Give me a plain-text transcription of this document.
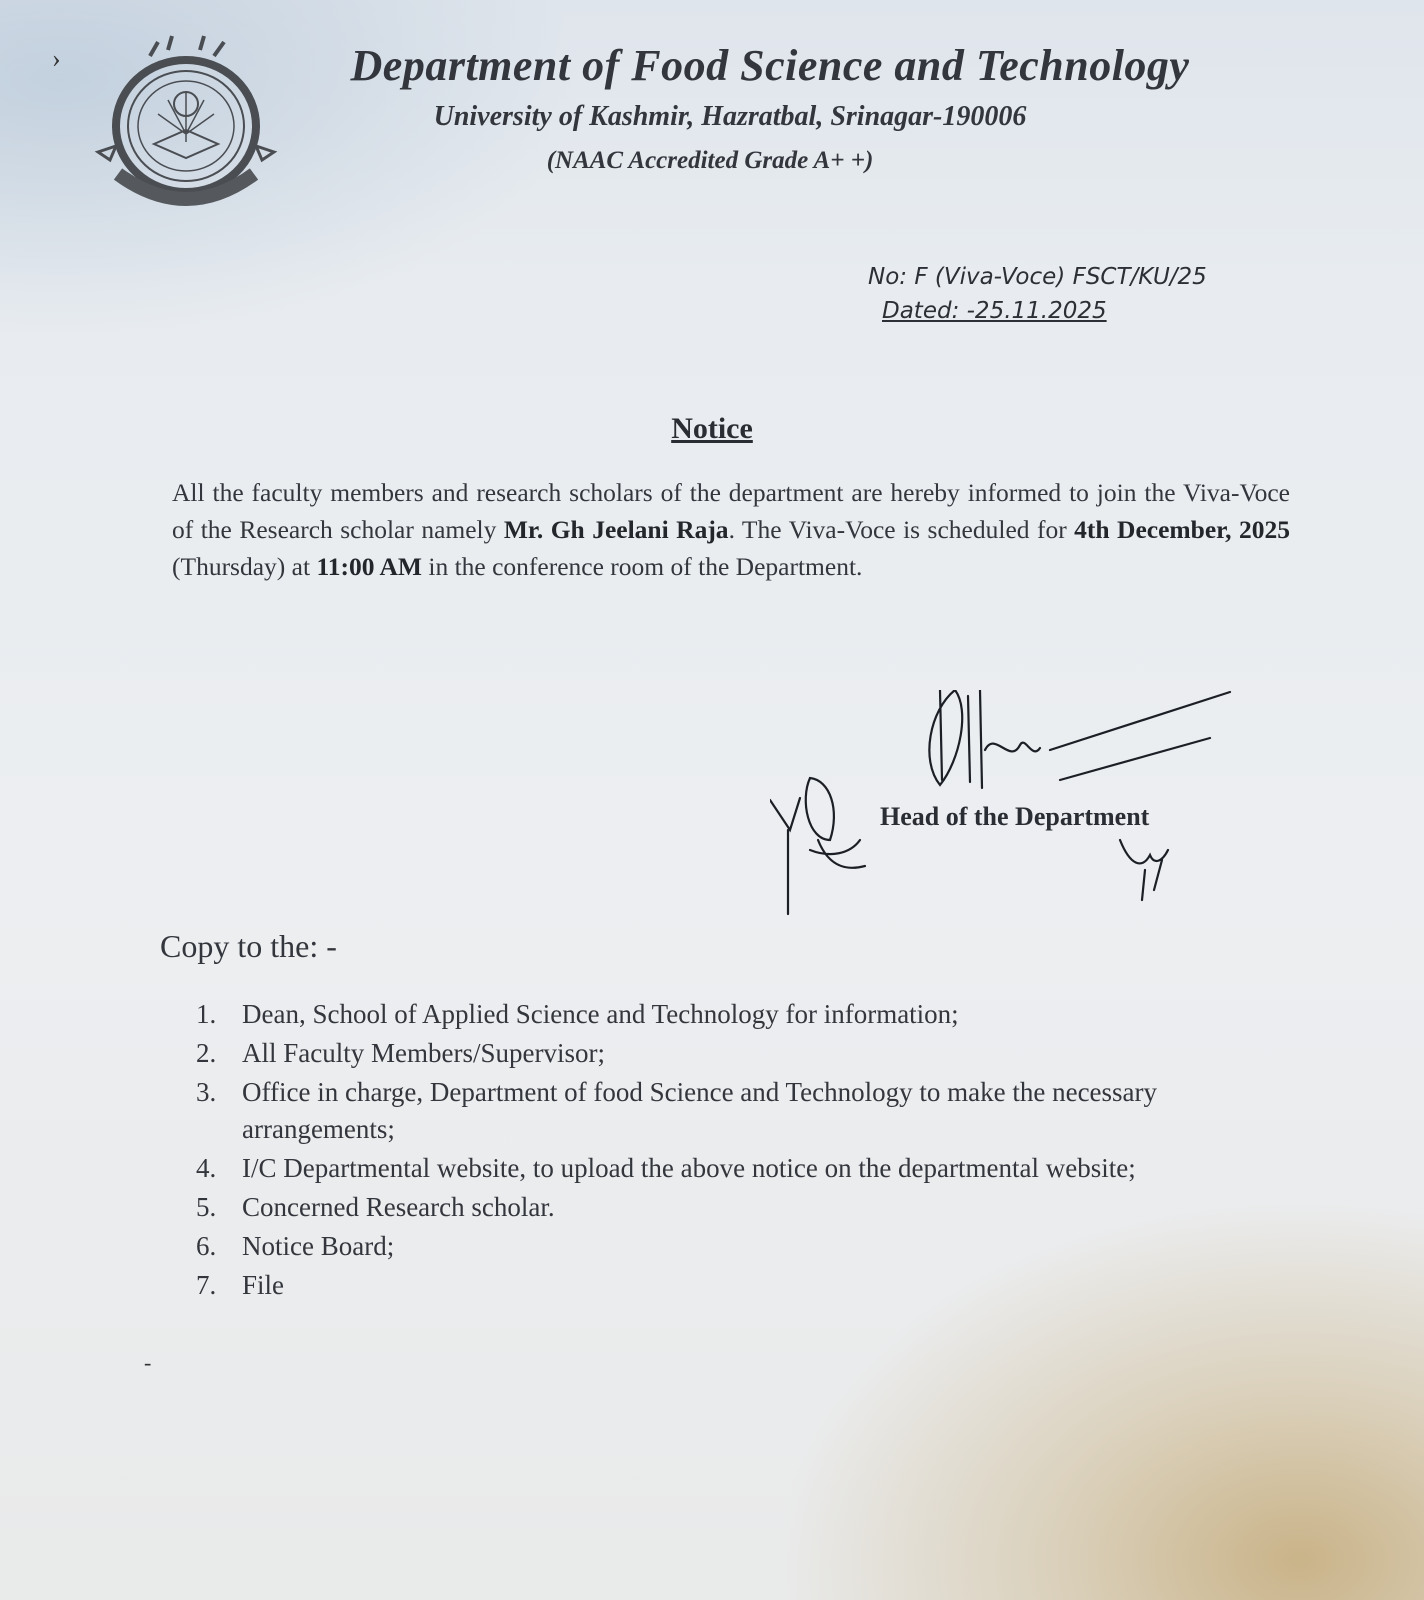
›	Department of Food Science and Technology
University of Kashmir, Hazratbal, Srinagar-190006
(NAAC Accredited Grade A+ +)
No: F (Viva-Voce) FSCT/KU/25
Dated: -25.11.2025
Notice
All the faculty members and research scholars of the department are hereby informed to join the Viva-Voce of the Research scholar namely Mr. Gh Jeelani Raja. The Viva-Voce is scheduled for 4th December, 2025 (Thursday) at 11:00 AM in the conference room of the Department.
Head of the Department
Copy to the: -
1. Dean, School of Applied Science and Technology for information;
2. All Faculty Members/Supervisor;
3. Office in charge, Department of food Science and Technology to make the necessary arrangements;
4. I/C Departmental website, to upload the above notice on the departmental website;
5. Concerned Research scholar.
6. Notice Board;
7. File
-
